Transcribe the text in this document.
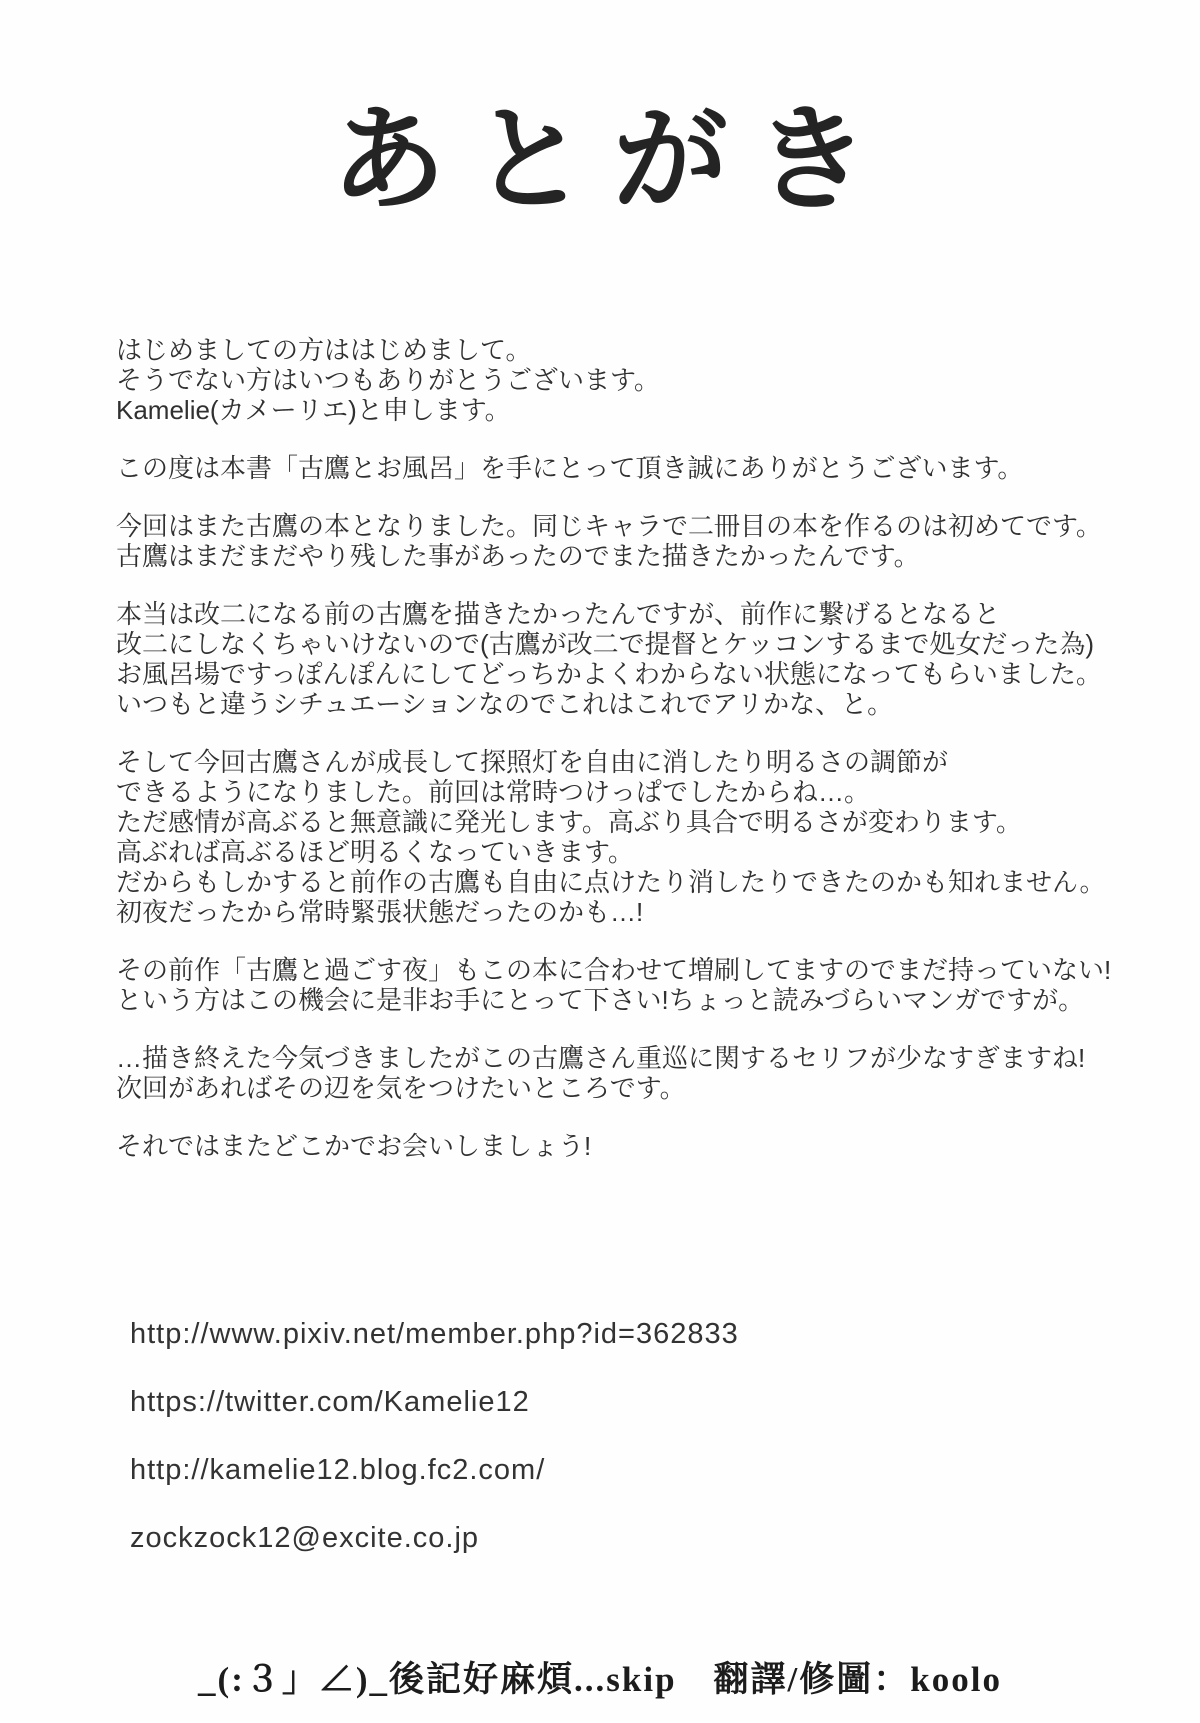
あとがき
はじめましての方ははじめまして。
そうでない方はいつもありがとうございます。
Kamelie(カメーリエ)と申します。
この度は本書「古鷹とお風呂」を手にとって頂き誠にありがとうございます。
今回はまた古鷹の本となりました。同じキャラで二冊目の本を作るのは初めてです。
古鷹はまだまだやり残した事があったのでまた描きたかったんです。
本当は改二になる前の古鷹を描きたかったんですが、前作に繋げるとなると
改二にしなくちゃいけないので(古鷹が改二で提督とケッコンするまで処女だった為)
お風呂場ですっぽんぽんにしてどっちかよくわからない状態になってもらいました。
いつもと違うシチュエーションなのでこれはこれでアリかな、と。
そして今回古鷹さんが成長して探照灯を自由に消したり明るさの調節が
できるようになりました。前回は常時つけっぱでしたからね…。
ただ感情が高ぶると無意識に発光します。高ぶり具合で明るさが変わります。
高ぶれば高ぶるほど明るくなっていきます。
だからもしかすると前作の古鷹も自由に点けたり消したりできたのかも知れません。
初夜だったから常時緊張状態だったのかも…!
その前作「古鷹と過ごす夜」もこの本に合わせて増刷してますのでまだ持っていない!
という方はこの機会に是非お手にとって下さい!ちょっと読みづらいマンガですが。
…描き終えた今気づきましたがこの古鷹さん重巡に関するセリフが少なすぎますね!
次回があればその辺を気をつけたいところです。
それではまたどこかでお会いしましょう!
http://www.pixiv.net/member.php?id=362833
https://twitter.com/Kamelie12
http://kamelie12.blog.fc2.com/
zockzock12@excite.co.jp
_(:３」∠)_後記好麻煩...skip　翻譯/修圖：koolo
